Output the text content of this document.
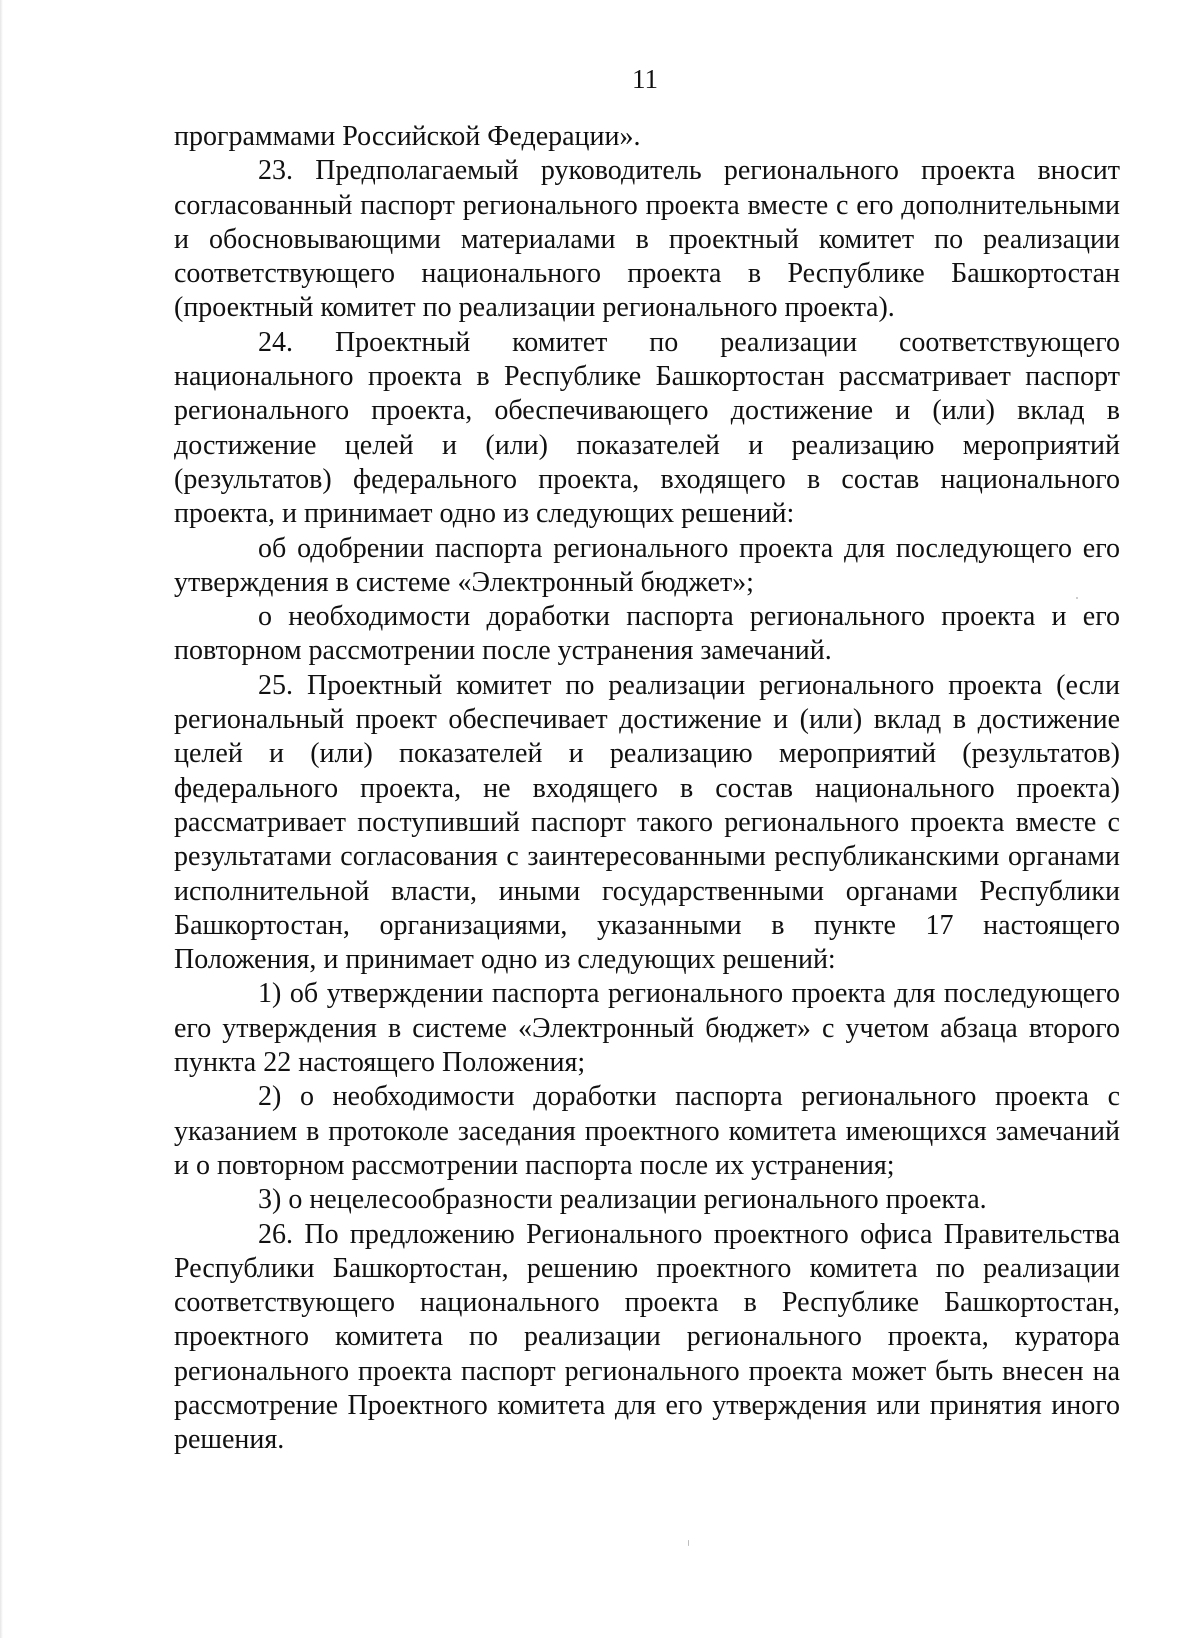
11

программами Российской Федерации».

23. Предполагаемый руководитель регионального проекта вносит согласованный паспорт регионального проекта вместе с его дополнительными и обосновывающими материалами в проектный комитет по реализации соответствующего национального проекта в Республике Башкортостан (проектный комитет по реализации регионального проекта).

24. Проектный комитет по реализации соответствующего национального проекта в Республике Башкортостан рассматривает паспорт регионального проекта, обеспечивающего достижение и (или) вклад в достижение целей и (или) показателей и реализацию мероприятий (результатов) федерального проекта, входящего в состав национального проекта, и принимает одно из следующих решений:

об одобрении паспорта регионального проекта для последующего его утверждения в системе «Электронный бюджет»;

о необходимости доработки паспорта регионального проекта и его повторном рассмотрении после устранения замечаний.

25. Проектный комитет по реализации регионального проекта (если региональный проект обеспечивает достижение и (или) вклад в достижение целей и (или) показателей и реализацию мероприятий (результатов) федерального проекта, не входящего в состав национального проекта) рассматривает поступивший паспорт такого регионального проекта вместе с результатами согласования с заинтересованными республиканскими органами исполнительной власти, иными государственными органами Республики Башкортостан, организациями, указанными в пункте 17 настоящего Положения, и принимает одно из следующих решений:

1) об утверждении паспорта регионального проекта для последующего его утверждения в системе «Электронный бюджет» с учетом абзаца второго пункта 22 настоящего Положения;

2) о необходимости доработки паспорта регионального проекта с указанием в протоколе заседания проектного комитета имеющихся замечаний и о повторном рассмотрении паспорта после их устранения;

3) о нецелесообразности реализации регионального проекта.

26. По предложению Регионального проектного офиса Правительства Республики Башкортостан, решению проектного комитета по реализации соответствующего национального проекта в Республике Башкортостан, проектного комитета по реализации регионального проекта, куратора регионального проекта паспорт регионального проекта может быть внесен на рассмотрение Проектного комитета для его утверждения или принятия иного решения.
